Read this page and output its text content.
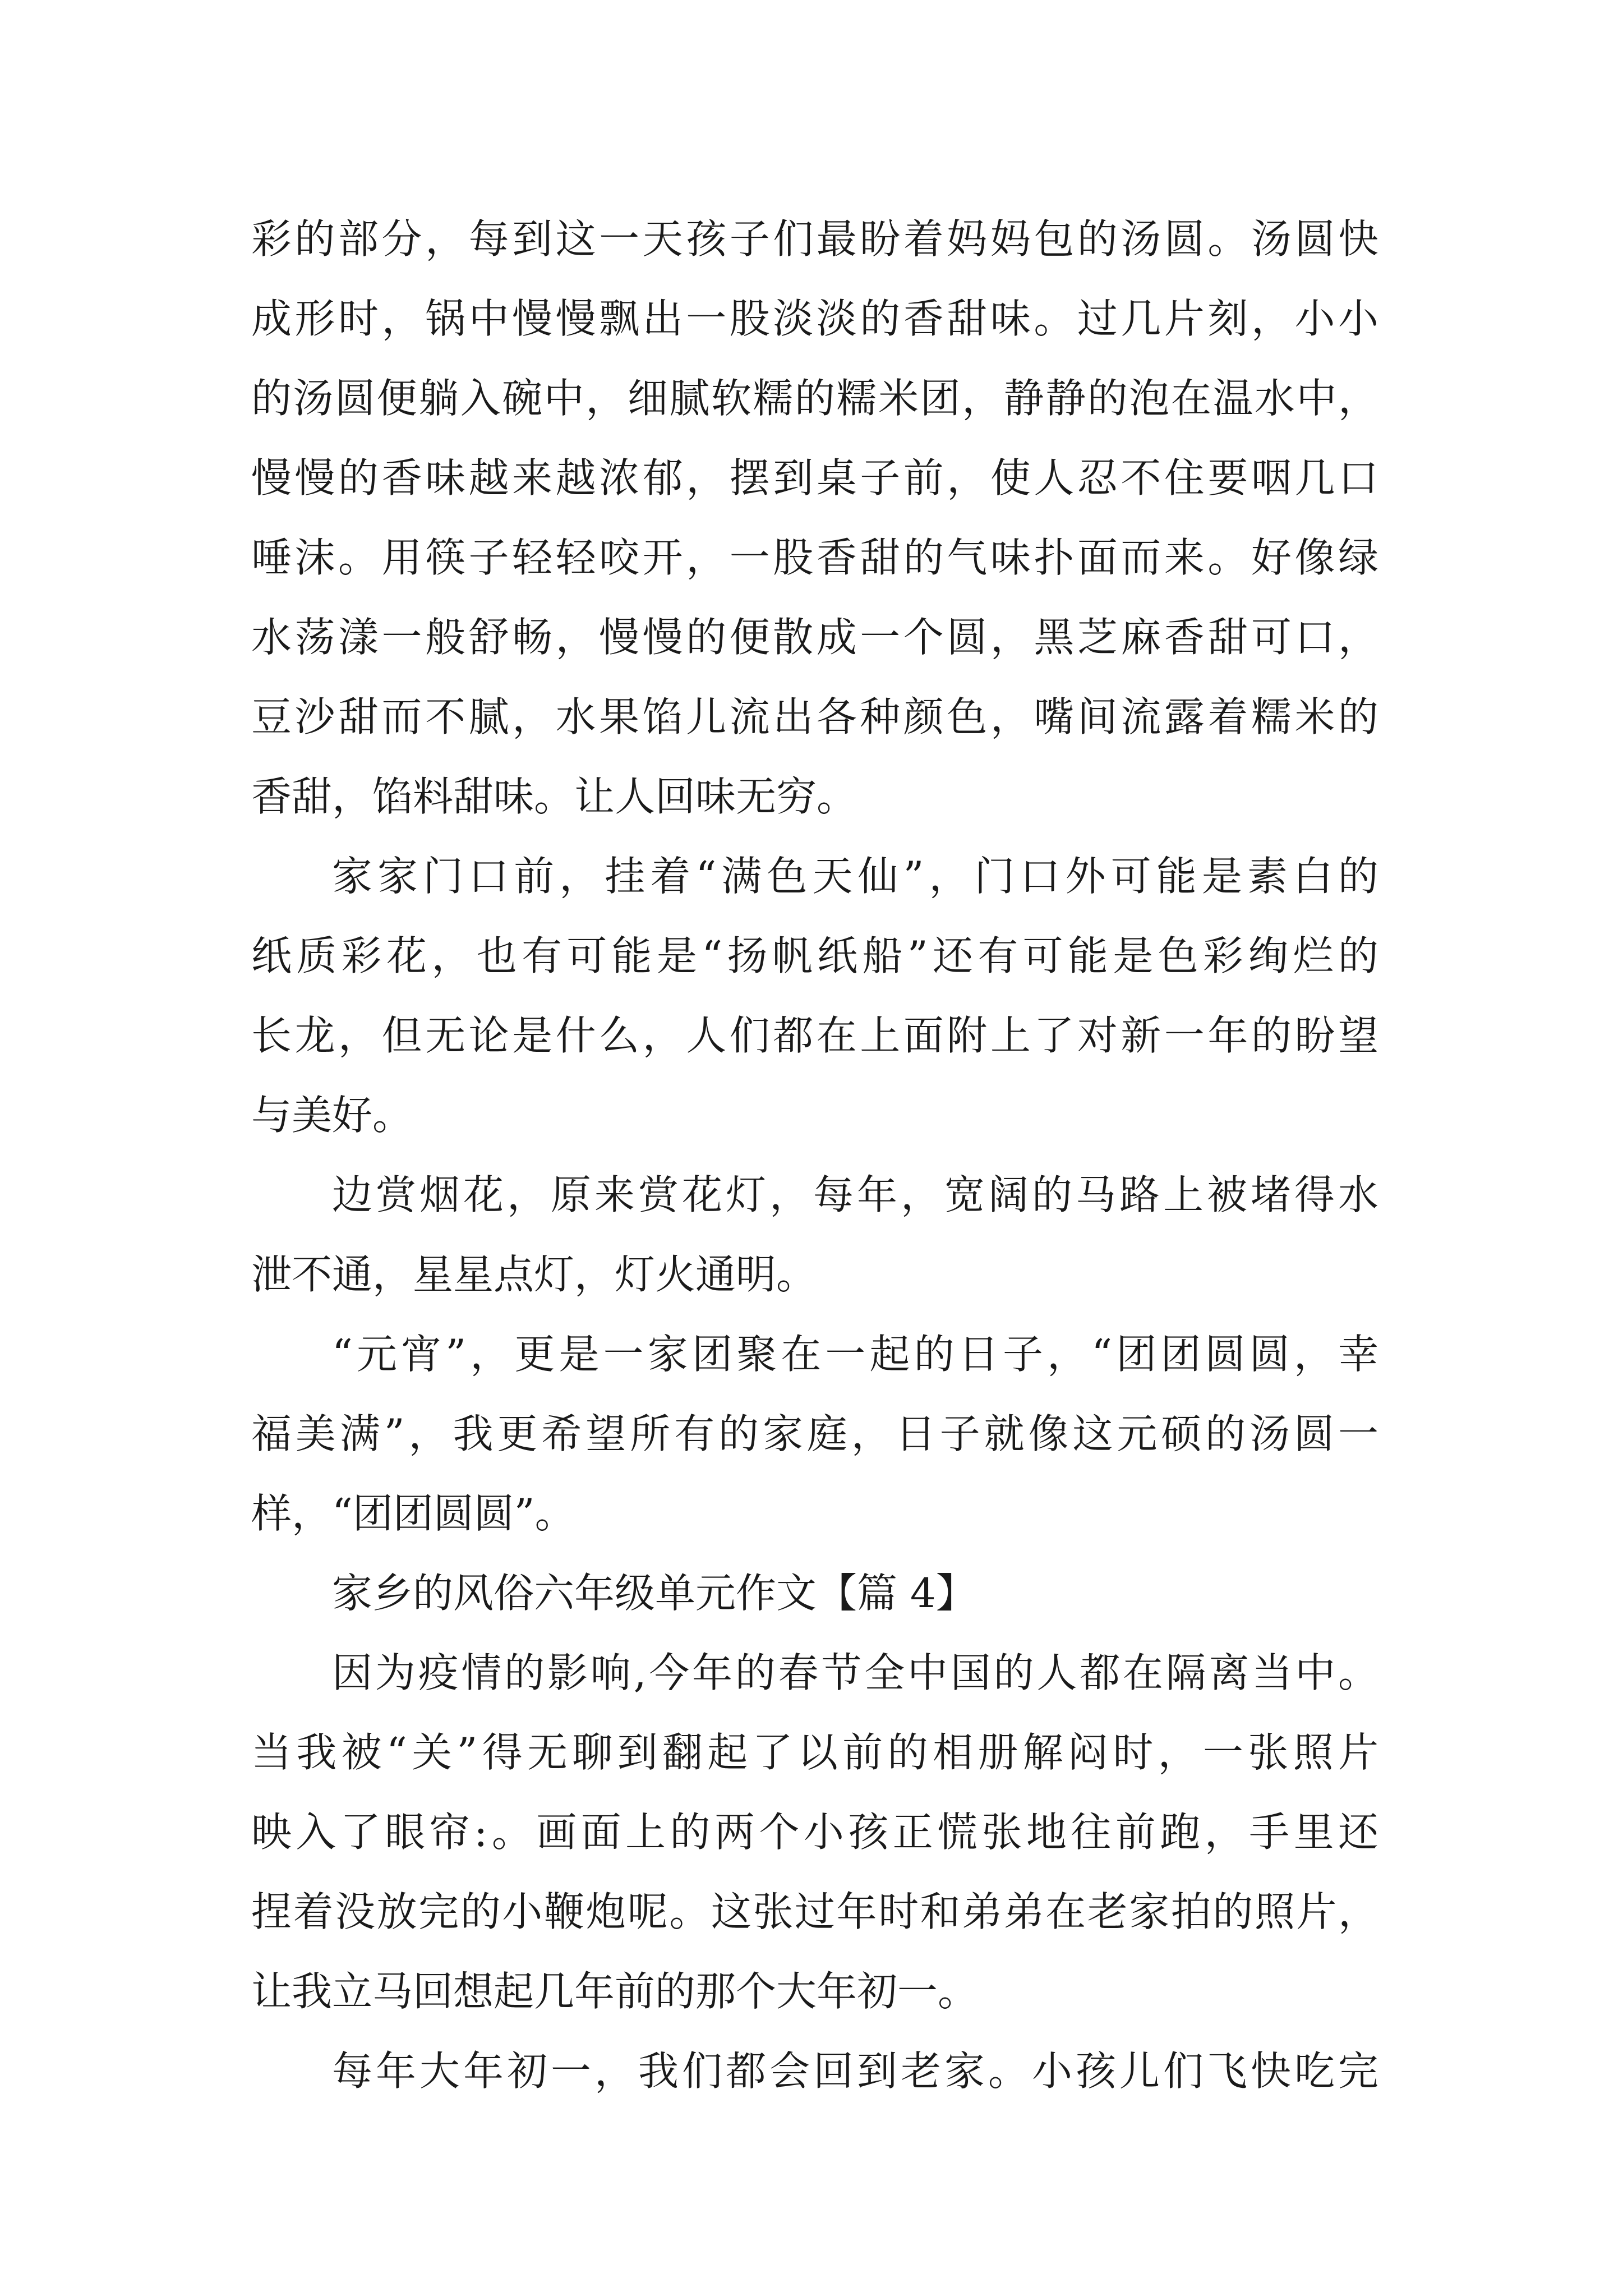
彩的部分，每到这一天孩子们最盼着妈妈包的汤圆。汤圆快
成形时，锅中慢慢飘出一股淡淡的香甜味。过几片刻，小小
的汤圆便躺入碗中，细腻软糯的糯米团，静静的泡在温水中，
慢慢的香味越来越浓郁，摆到桌子前，使人忍不住要咽几口
唾沫。用筷子轻轻咬开，一股香甜的气味扑面而来。好像绿
水荡漾一般舒畅，慢慢的便散成一个圆，黑芝麻香甜可口，
豆沙甜而不腻，水果馅儿流出各种颜色，嘴间流露着糯米的
香甜，馅料甜味。让人回味无穷。
家家门口前，挂着“满色天仙”，门口外可能是素白的
纸质彩花，也有可能是“扬帆纸船”还有可能是色彩绚烂的
长龙，但无论是什么，人们都在上面附上了对新一年的盼望
与美好。
边赏烟花，原来赏花灯，每年，宽阔的马路上被堵得水
泄不通，星星点灯，灯火通明。
“元宵”，更是一家团聚在一起的日子，“团团圆圆，幸
福美满”，我更希望所有的家庭，日子就像这元硕的汤圆一
样，“团团圆圆”。
家乡的风俗六年级单元作文【篇 4】
因为疫情的影响,今年的春节全中国的人都在隔离当中。
当我被“关”得无聊到翻起了以前的相册解闷时，一张照片
映入了眼帘:。画面上的两个小孩正慌张地往前跑，手里还
捏着没放完的小鞭炮呢。这张过年时和弟弟在老家拍的照片，
让我立马回想起几年前的那个大年初一。
每年大年初一，我们都会回到老家。小孩儿们飞快吃完
